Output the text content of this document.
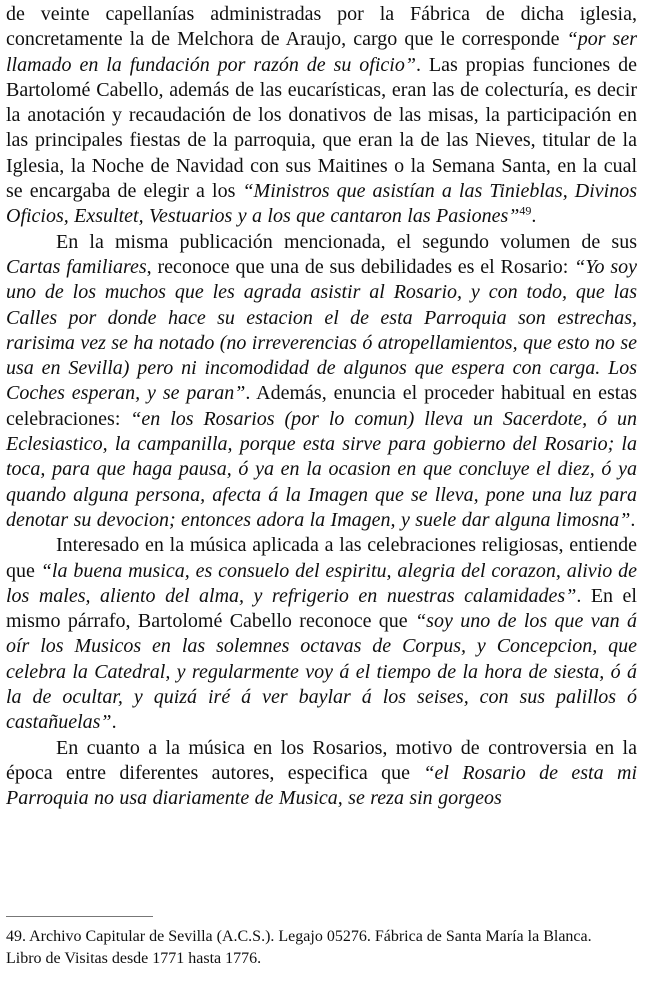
de veinte capellanías administradas por la Fábrica de dicha iglesia, concretamente la de Melchora de Araujo, cargo que le corresponde “por ser llamado en la fundación por razón de su oficio”. Las propias funciones de Bartolomé Cabello, además de las eucarísticas, eran las de colecturía, es decir la anotación y recaudación de los donativos de las misas, la participación en las principales fiestas de la parroquia, que eran la de las Nieves, titular de la Iglesia, la Noche de Navidad con sus Maitines o la Semana Santa, en la cual se encargaba de elegir a los “Ministros que asistían a las Tinieblas, Divinos Oficios, Exsultet, Vestuarios y a los que cantaron las Pasiones”$^{49}$.

En la misma publicación mencionada, el segundo volumen de sus Cartas familiares, reconoce que una de sus debilidades es el Rosario: “Yo soy uno de los muchos que les agrada asistir al Rosario, y con todo, que las Calles por donde hace su estacion el de esta Parroquia son estrechas, rarisima vez se ha notado (no irreverencias ó atropellamientos, que esto no se usa en Sevilla) pero ni incomodidad de algunos que espera con carga. Los Coches esperan, y se paran”. Además, enuncia el proceder habitual en estas celebraciones: “en los Rosarios (por lo comun) lleva un Sacerdote, ó un Eclesiastico, la campanilla, porque esta sirve para gobierno del Rosario; la toca, para que haga pausa, ó ya en la ocasion en que concluye el diez, ó ya quando alguna persona, afecta á la Imagen que se lleva, pone una luz para denotar su devocion; entonces adora la Imagen, y suele dar alguna limosna”.

Interesado en la música aplicada a las celebraciones religiosas, entiende que “la buena musica, es consuelo del espiritu, alegria del corazon, alivio de los males, aliento del alma, y refrigerio en nuestras calamidades”. En el mismo párrafo, Bartolomé Cabello reconoce que “soy uno de los que van á oír los Musicos en las solemnes octavas de Corpus, y Concepcion, que celebra la Catedral, y regularmente voy á el tiempo de la hora de siesta, ó á la de ocultar, y quizá iré á ver baylar á los seises, con sus palillos ó castañuelas”.

En cuanto a la música en los Rosarios, motivo de controversia en la época entre diferentes autores, especifica que “el Rosario de esta mi Parroquia no usa diariamente de Musica, se reza sin gorgeos

49. Archivo Capitular de Sevilla (A.C.S.). Legajo 05276. Fábrica de Santa María la Blanca.
Libro de Visitas desde 1771 hasta 1776.
